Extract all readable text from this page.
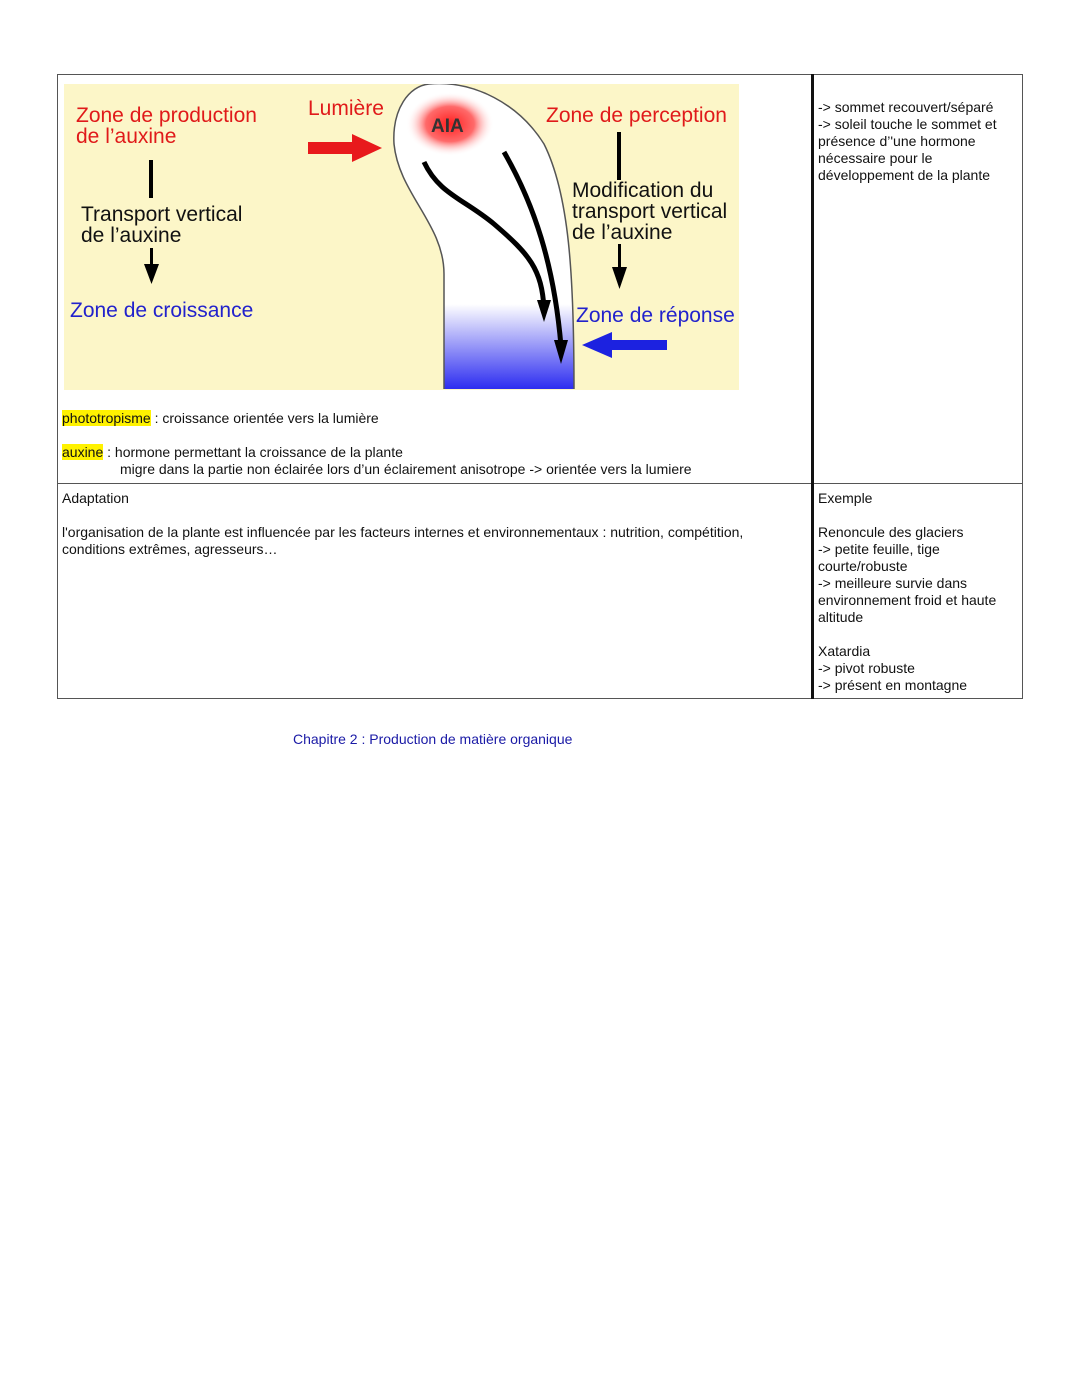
AIA
Zone de production
de l’auxine
Transport vertical
de l’auxine
Zone de croissance
Lumière	Zone de perception
Modification du
transport vertical
de l’auxine
Zone de réponse
phototropisme : croissance orientée vers la lumière
auxine : hormone permettant la croissance de la plante
migre dans la partie non éclairée lors d’un éclairement anisotrope -> orientée vers la lumiere
-> sommet recouvert/séparé
-> soleil touche le sommet et
présence d’'une hormone
nécessaire pour le
développement de la plante
Adaptation
l'organisation de la plante est influencée par les facteurs internes et environnementaux : nutrition, compétition,
conditions extrêmes, agresseurs…
Exemple
Renoncule des glaciers
-> petite feuille, tige
courte/robuste
-> meilleure survie dans
environnement froid et haute
altitude
Xatardia
-> pivot robuste
-> présent en montagne
Chapitre 2 : Production de matière organique
